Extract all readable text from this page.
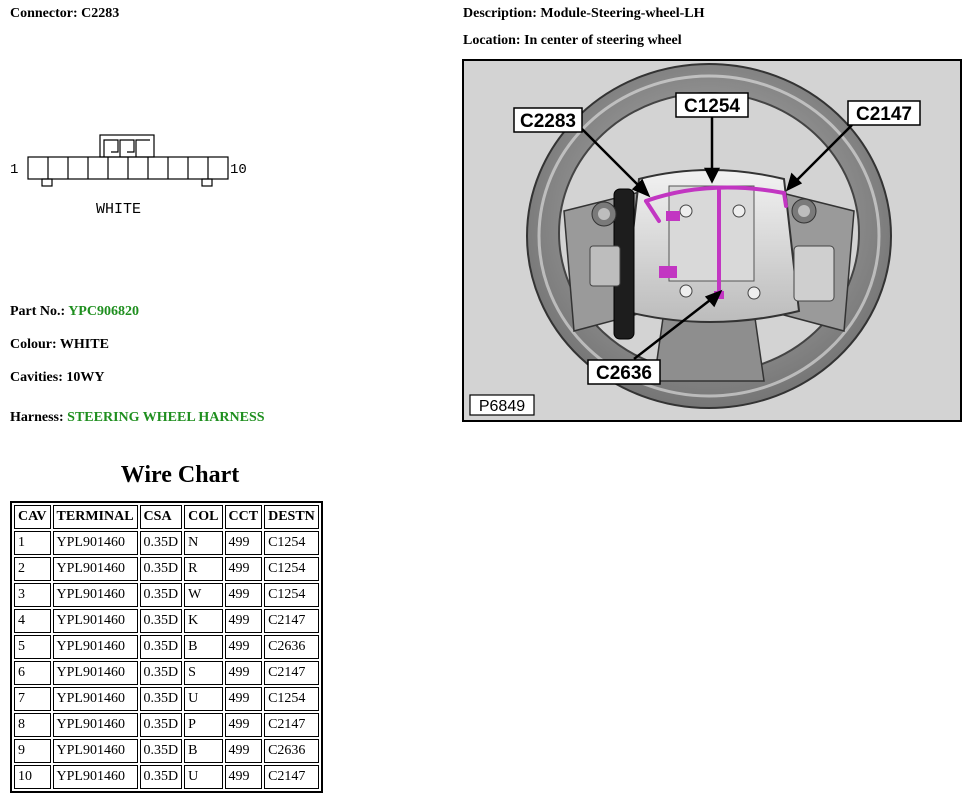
Connector: C2283	Description: Module-Steering-wheel-LH
Location: In center of steering wheel
1	10
WHITE
Part No.: YPC906820
Colour: WHITE
Cavities: 10WY
Harness: STEERING WHEEL HARNESS
C2283
C1254	C2147
C2636
P6849
Wire Chart
CAV	TERMINAL	CSA	COL	CCT	DESTN
1	YPL901460	0.35D	N	499	C1254
2	YPL901460	0.35D	R	499	C1254
3	YPL901460	0.35D	W	499	C1254
4	YPL901460	0.35D	K	499	C2147
5	YPL901460	0.35D	B	499	C2636
6	YPL901460	0.35D	S	499	C2147
7	YPL901460	0.35D	U	499	C1254
8	YPL901460	0.35D	P	499	C2147
9	YPL901460	0.35D	B	499	C2636
10	YPL901460	0.35D	U	499	C2147
